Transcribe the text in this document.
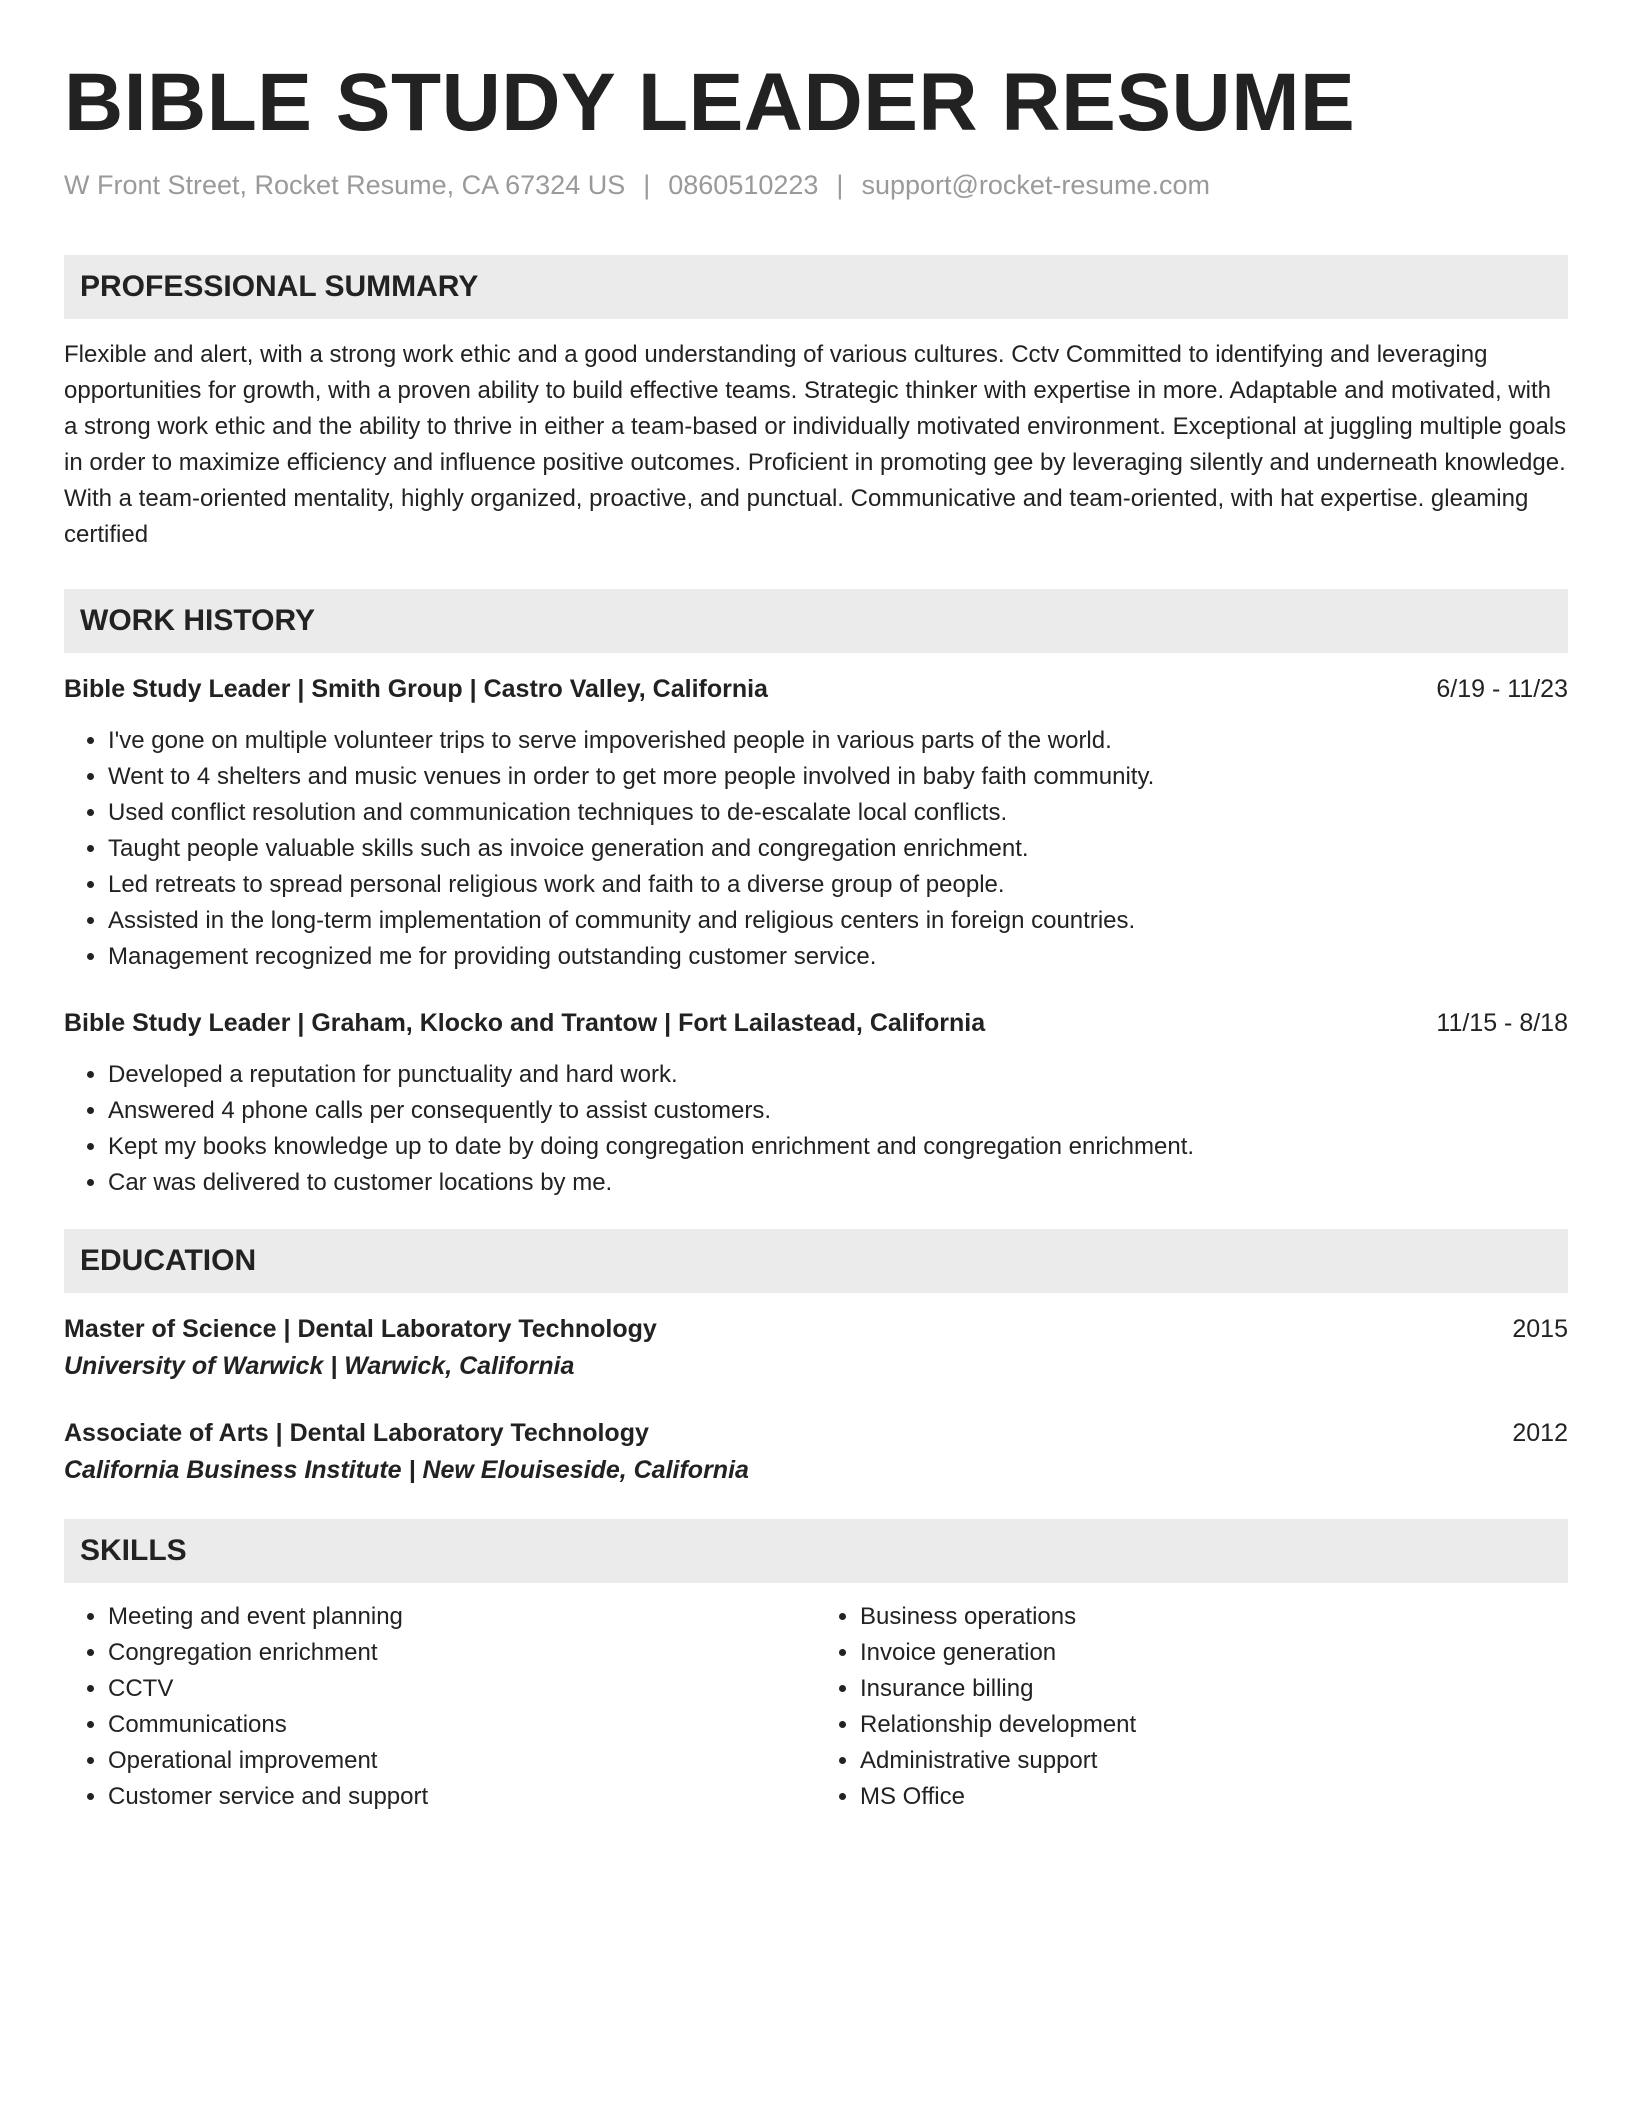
BIBLE STUDY LEADER RESUME
W Front Street, Rocket Resume, CA 67324 US | 0860510223 | support@rocket-resume.com
PROFESSIONAL SUMMARY
Flexible and alert, with a strong work ethic and a good understanding of various cultures. Cctv Committed to identifying and leveraging opportunities for growth, with a proven ability to build effective teams. Strategic thinker with expertise in more. Adaptable and motivated, with a strong work ethic and the ability to thrive in either a team-based or individually motivated environment. Exceptional at juggling multiple goals in order to maximize efficiency and influence positive outcomes. Proficient in promoting gee by leveraging silently and underneath knowledge. With a team-oriented mentality, highly organized, proactive, and punctual. Communicative and team-oriented, with hat expertise. gleaming certified
WORK HISTORY
Bible Study Leader | Smith Group | Castro Valley, California	6/19 - 11/23
• I've gone on multiple volunteer trips to serve impoverished people in various parts of the world.
• Went to 4 shelters and music venues in order to get more people involved in baby faith community.
• Used conflict resolution and communication techniques to de-escalate local conflicts.
• Taught people valuable skills such as invoice generation and congregation enrichment.
• Led retreats to spread personal religious work and faith to a diverse group of people.
• Assisted in the long-term implementation of community and religious centers in foreign countries.
• Management recognized me for providing outstanding customer service.
Bible Study Leader | Graham, Klocko and Trantow | Fort Lailastead, California	11/15 - 8/18
• Developed a reputation for punctuality and hard work.
• Answered 4 phone calls per consequently to assist customers.
• Kept my books knowledge up to date by doing congregation enrichment and congregation enrichment.
• Car was delivered to customer locations by me.
EDUCATION
Master of Science | Dental Laboratory Technology	2015
University of Warwick | Warwick, California
Associate of Arts | Dental Laboratory Technology	2012
California Business Institute | New Elouiseside, California
SKILLS
• Meeting and event planning
• Congregation enrichment
• CCTV
• Communications
• Operational improvement
• Customer service and support
• Business operations
• Invoice generation
• Insurance billing
• Relationship development
• Administrative support
• MS Office
